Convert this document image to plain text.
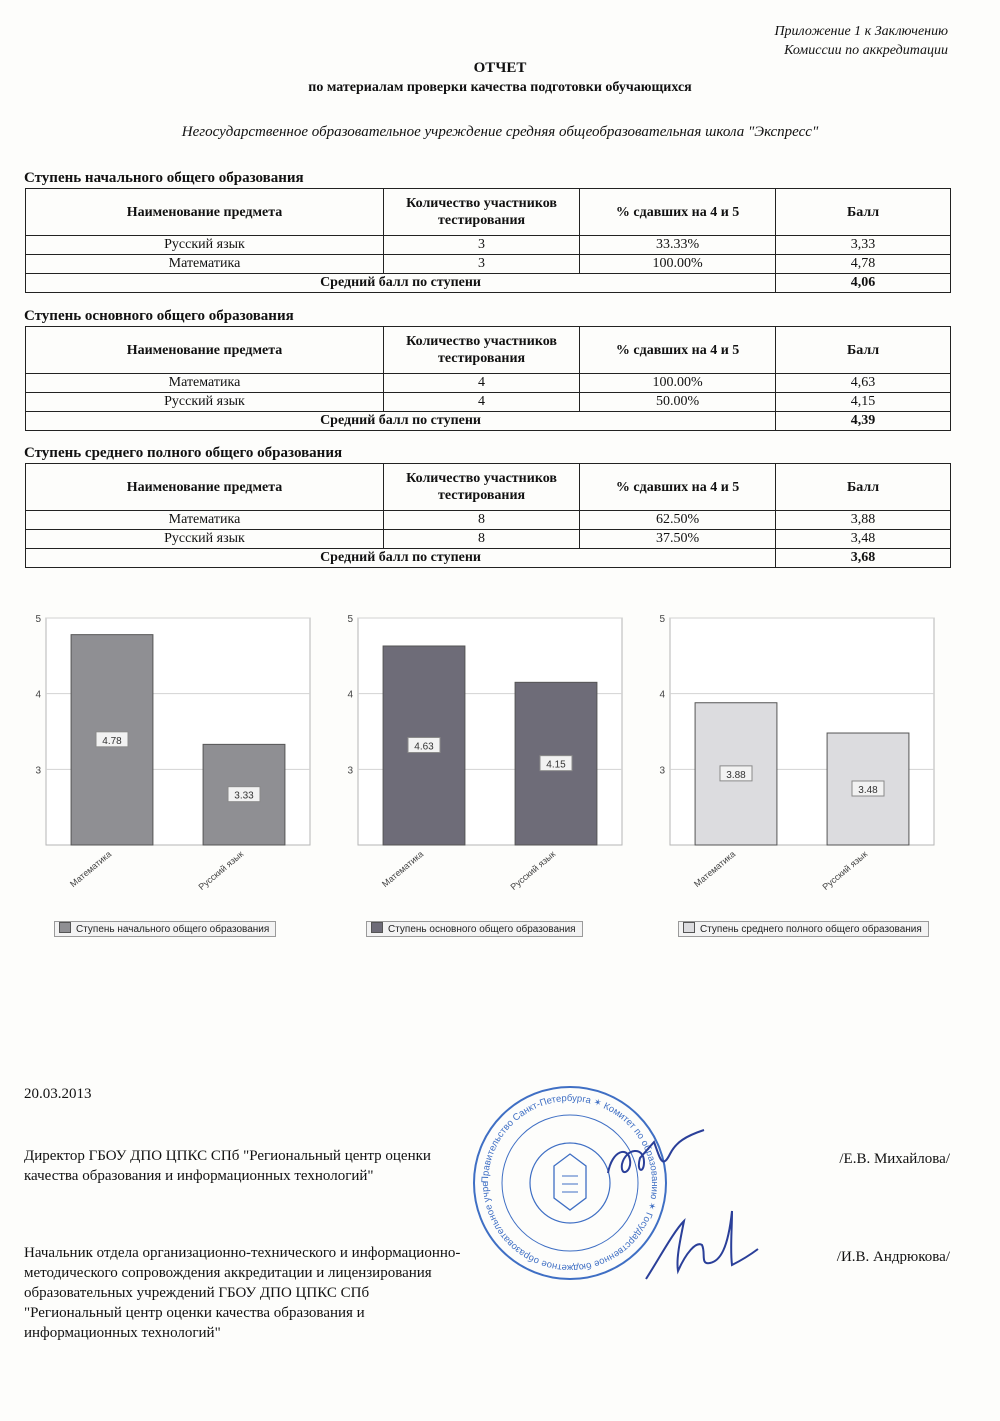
Приложение 1 к Заключению
Комиссии по аккредитации
ОТЧЕТ
по материалам проверки качества подготовки обучающихся
Негосударственное образовательное учреждение средняя общеобразовательная школа "Экспресс"
Ступень начального общего образования
Наименование предмета	Количество участников тестирования	% сдавших на 4 и 5	Балл
Русский язык	3	33.33%	3,33
Математика	3	100.00%	4,78
Средний балл по ступени			4,06
Ступень основного общего образования
Наименование предмета	Количество участников тестирования	% сдавших на 4 и 5	Балл
Математика	4	100.00%	4,63
Русский язык	4	50.00%	4,15
Средний балл по ступени			4,39
Ступень среднего полного общего образования
Наименование предмета	Количество участников тестирования	% сдавших на 4 и 5	Балл
Математика	8	62.50%	3,88
Русский язык	8	37.50%	3,48
Средний балл по ступени			3,68
3
4
5
4.78
Математика
3.33
Русский язык
Ступень начального общего образования
3
4
5
4.63
Математика
4.15
Русский язык
Ступень основного общего образования
3
4
5
3.88
Математика
3.48
Русский язык
Ступень среднего полного общего образования
20.03.2013
Директор ГБОУ ДПО ЦПКС СПб "Региональный центр оценки качества образования и информационных технологий"
/Е.В. Михайлова/
Начальник отдела организационно-технического и информационно-методического сопровождения аккредитации и лицензирования образовательных учреждений ГБОУ ДПО ЦПКС СПб "Региональный центр оценки качества образования и информационных технологий"
/И.В. Андрюкова/
Правительство Санкт-Петербурга ✶ Комитет по образованию ✶ Государственное бюджетное образовательное учре
